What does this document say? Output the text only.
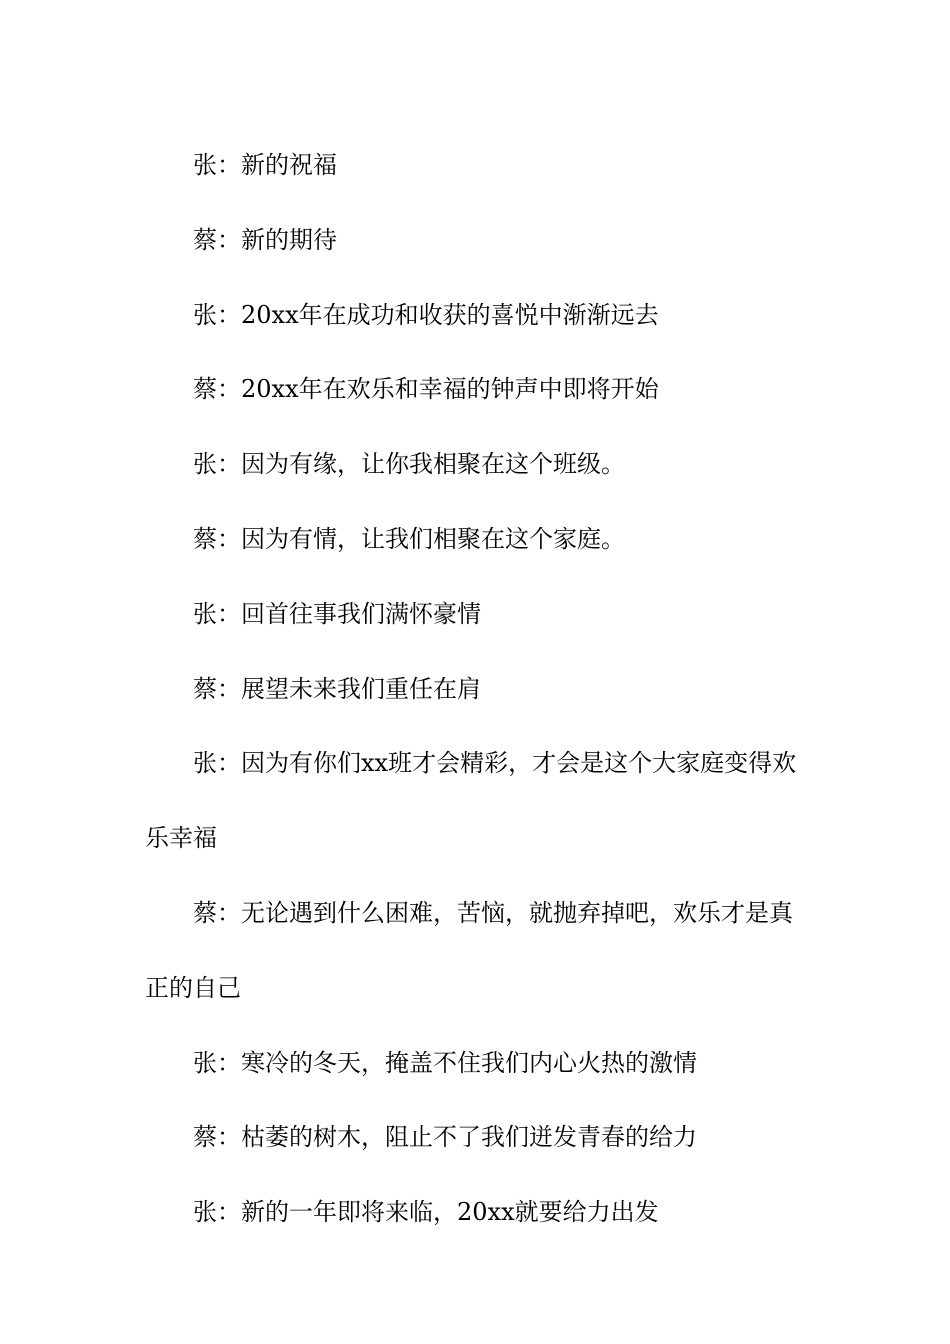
张：新的祝福

蔡：新的期待

张：20xx年在成功和收获的喜悦中渐渐远去

蔡：20xx年在欢乐和幸福的钟声中即将开始

张：因为有缘，让你我相聚在这个班级。

蔡：因为有情，让我们相聚在这个家庭。

张：回首往事我们满怀豪情

蔡：展望未来我们重任在肩

张：因为有你们xx班才会精彩，才会是这个大家庭变得欢乐幸福

蔡：无论遇到什么困难，苦恼，就抛弃掉吧，欢乐才是真正的自己

张：寒冷的冬天，掩盖不住我们内心火热的激情

蔡：枯萎的树木，阻止不了我们迸发青春的给力

张：新的一年即将来临，20xx就要给力出发
